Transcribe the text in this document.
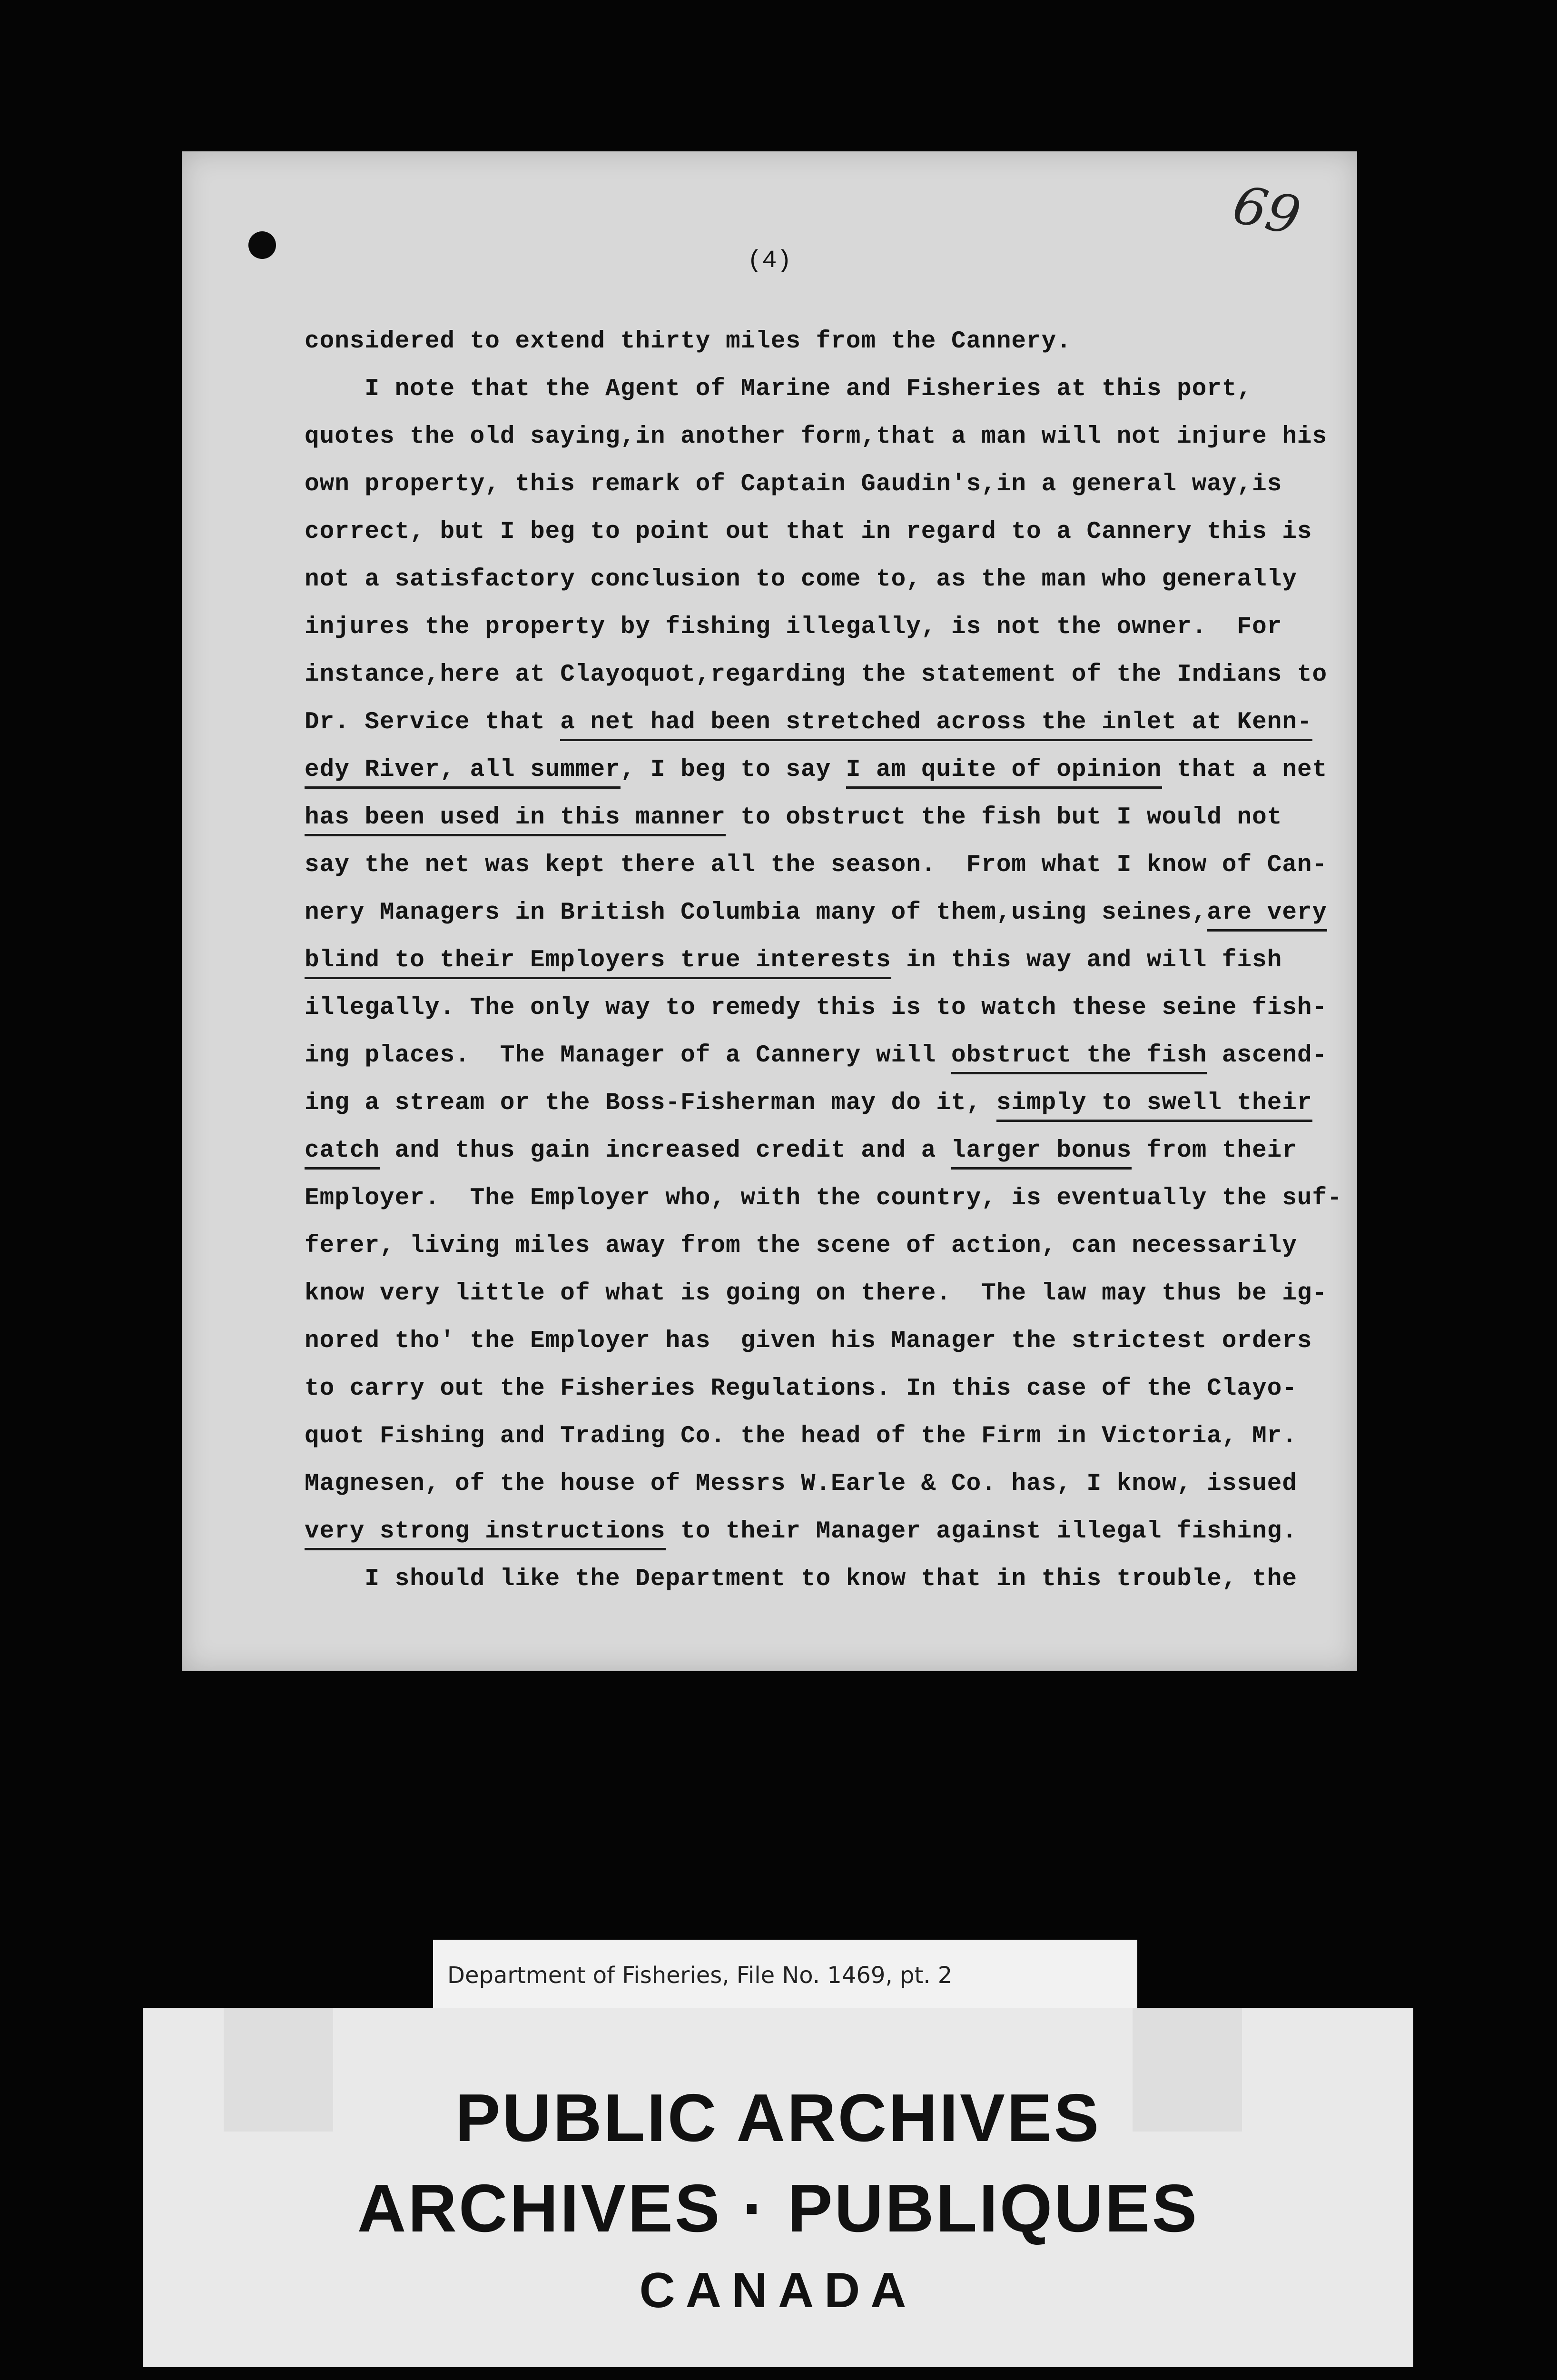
69
(4)
considered to extend thirty miles from the Cannery.
I note that the Agent of Marine and Fisheries at this port,
quotes the old saying,in another form,that a man will not injure his
own property, this remark of Captain Gaudin's,in a general way,is
correct, but I beg to point out that in regard to a Cannery this is
not a satisfactory conclusion to come to, as the man who generally
injures the property by fishing illegally, is not the owner.  For
instance,here at Clayoquot,regarding the statement of the Indians to
Dr. Service that a net had been stretched across the inlet at Kenn-
edy River, all summer, I beg to say I am quite of opinion that a net
has been used in this manner to obstruct the fish but I would not
say the net was kept there all the season.  From what I know of Can-
nery Managers in British Columbia many of them,using seines,are very
blind to their Employers true interests in this way and will fish
illegally. The only way to remedy this is to watch these seine fish-
ing places.  The Manager of a Cannery will obstruct the fish ascend-
ing a stream or the Boss-Fisherman may do it, simply to swell their
catch and thus gain increased credit and a larger bonus from their
Employer.  The Employer who, with the country, is eventually the suf-
ferer, living miles away from the scene of action, can necessarily
know very little of what is going on there.  The law may thus be ig-
nored tho' the Employer has  given his Manager the strictest orders
to carry out the Fisheries Regulations. In this case of the Clayo-
quot Fishing and Trading Co. the head of the Firm in Victoria, Mr.
Magnesen, of the house of Messrs W.Earle & Co. has, I know, issued
very strong instructions to their Manager against illegal fishing.
I should like the Department to know that in this trouble, the
Department of Fisheries, File No. 1469, pt. 2
PUBLIC ARCHIVES
ARCHIVES · PUBLIQUES
CANADA
